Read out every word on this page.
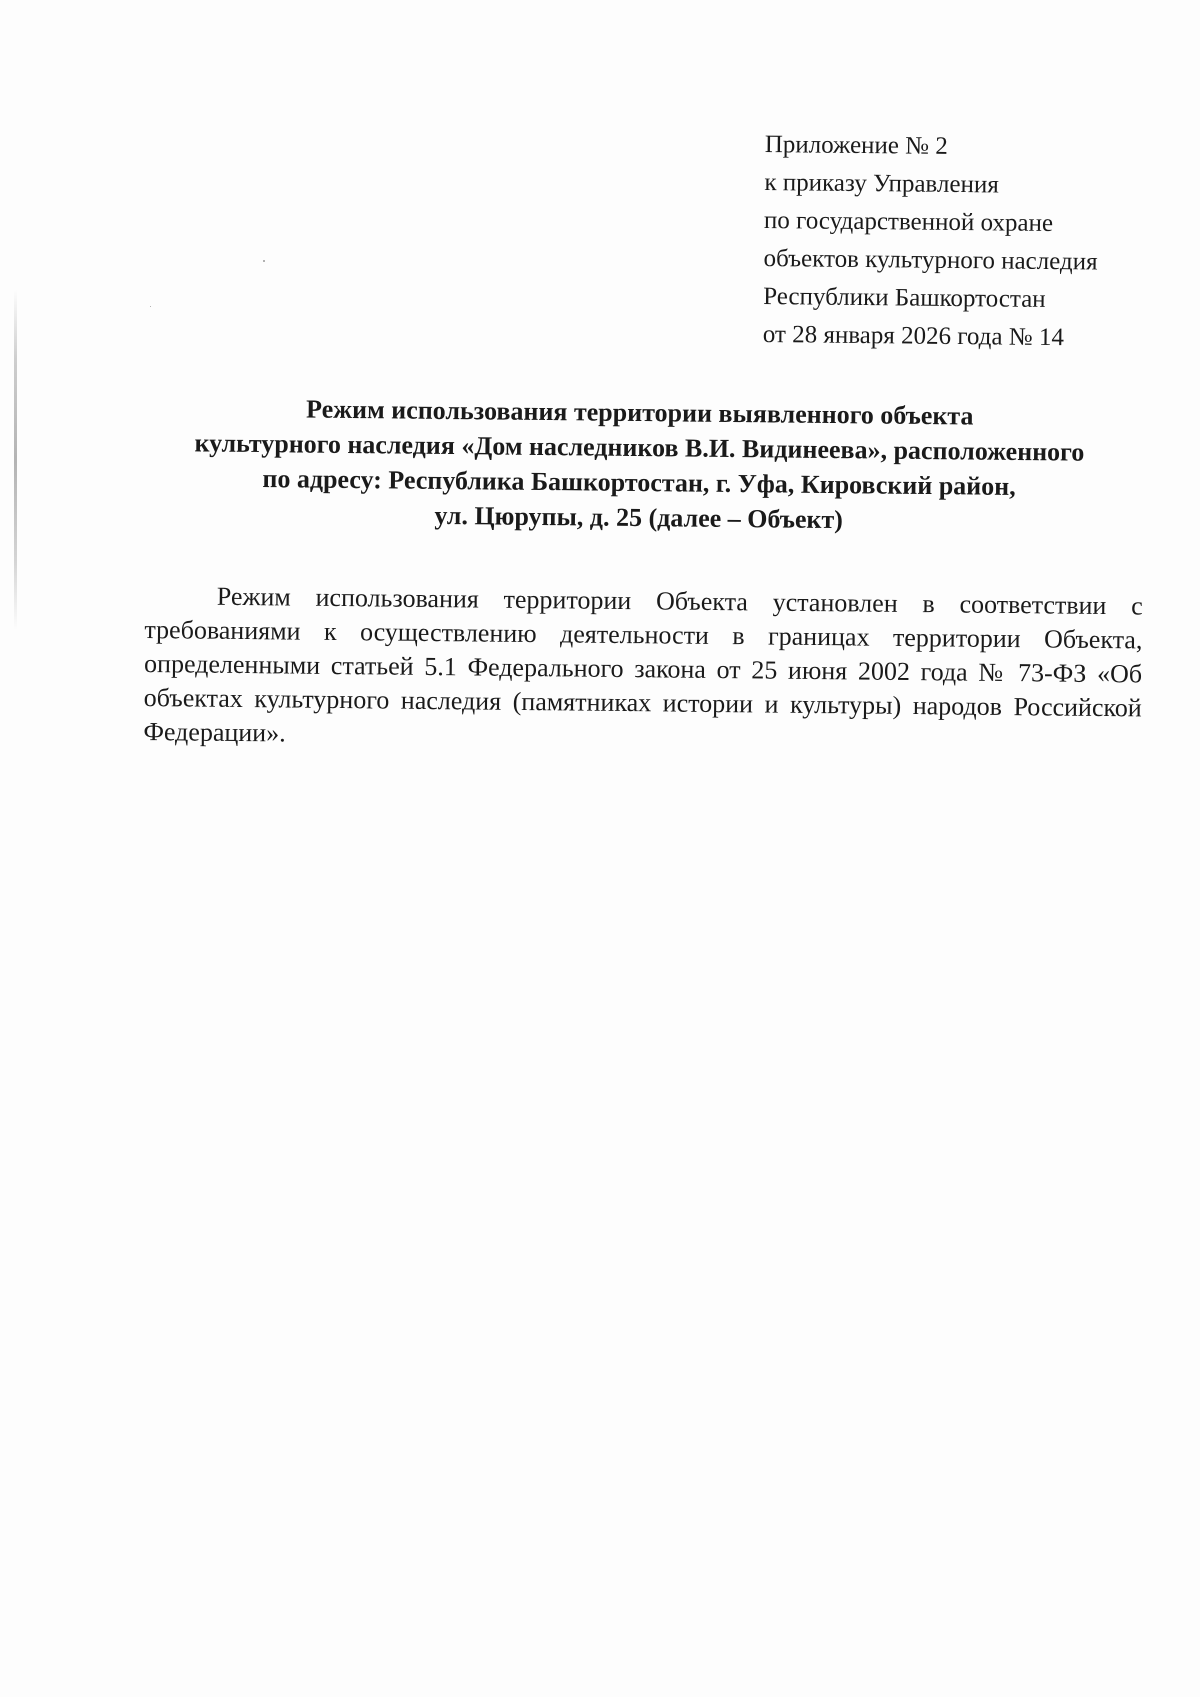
Приложение № 2
к приказу Управления
по государственной охране
объектов культурного наследия
Республики Башкортостан
от 28 января 2026 года № 14
Режим использования территории выявленного объекта
культурного наследия «Дом наследников В.И. Видинеева», расположенного
по адресу: Республика Башкортостан, г. Уфа, Кировский район,
ул. Цюрупы, д. 25 (далее – Объект)

Режим использования территории Объекта установлен в соответствии с требованиями к осуществлению деятельности в границах территории Объекта, определенными статьей 5.1 Федерального закона от 25 июня 2002 года № 73-ФЗ «Об объектах культурного наследия (памятниках истории и культуры) народов Российской Федерации».
